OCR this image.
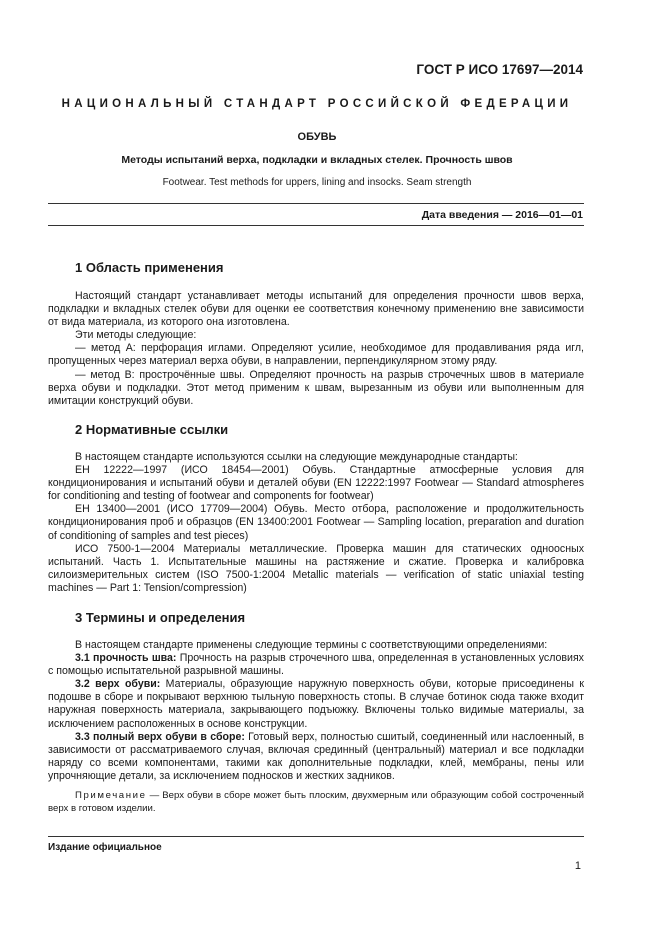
ГОСТ Р ИСО 17697—2014
НАЦИОНАЛЬНЫЙ СТАНДАРТ РОССИЙСКОЙ ФЕДЕРАЦИИ
ОБУВЬ
Методы испытаний верха, подкладки и вкладных стелек. Прочность швов
Footwear. Test methods for uppers, lining and insocks. Seam strength
Дата введения — 2016—01—01
1 Область применения

Настоящий стандарт устанавливает методы испытаний для определения прочности швов верха, подкладки и вкладных стелек обуви для оценки ее соответствия конечному применению вне зависимости от вида материала, из которого она изготовлена.

Эти методы следующие:

— метод А: перфорация иглами. Определяют усилие, необходимое для продавливания ряда игл, пропущенных через материал верха обуви, в направлении, перпендикулярном этому ряду.

— метод В: прострочённые швы. Определяют прочность на разрыв строчечных швов в материале верха обуви и подкладки. Этот метод применим к швам, вырезанным из обуви или выполненным для имитации конструкций обуви.

2 Нормативные ссылки

В настоящем стандарте используются ссылки на следующие международные стандарты:

ЕН 12222—1997 (ИСО 18454—2001) Обувь. Стандартные атмосферные условия для кондиционирования и испытаний обуви и деталей обуви (EN 12222:1997 Footwear — Standard atmospheres for conditioning and testing of footwear and components for footwear)

ЕН 13400—2001 (ИСО 17709—2004) Обувь. Место отбора, расположение и продолжительность кондиционирования проб и образцов (EN 13400:2001 Footwear — Sampling location, preparation and duration of conditioning of samples and test pieces)

ИСО 7500-1—2004 Материалы металлические. Проверка машин для статических одноосных испытаний. Часть 1. Испытательные машины на растяжение и сжатие. Проверка и калибровка силоизмерительных систем (ISO 7500-1:2004 Metallic materials — verification of static uniaxial testing machines — Part 1: Tension/compression)

3 Термины и определения

В настоящем стандарте применены следующие термины с соответствующими определениями:

3.1 прочность шва: Прочность на разрыв строчечного шва, определенная в установленных условиях с помощью испытательной разрывной машины.

3.2 верх обуви: Материалы, образующие наружную поверхность обуви, которые присоединены к подошве в сборе и покрывают верхнюю тыльную поверхность стопы. В случае ботинок сюда также входит наружная поверхность материала, закрывающего подъюжку. Включены только видимые материалы, за исключением расположенных в основе конструкции.

3.3 полный верх обуви в сборе: Готовый верх, полностью сшитый, соединенный или наслоенный, в зависимости от рассматриваемого случая, включая срединный (центральный) материал и все подкладки наряду со всеми компонентами, такими как дополнительные подкладки, клей, мембраны, пены или упрочняющие детали, за исключением подносков и жестких задников.

Примечание — Верх обуви в сборе может быть плоским, двухмерным или образующим собой сострoченный верх в готовом изделии.

Издание официальное
1
